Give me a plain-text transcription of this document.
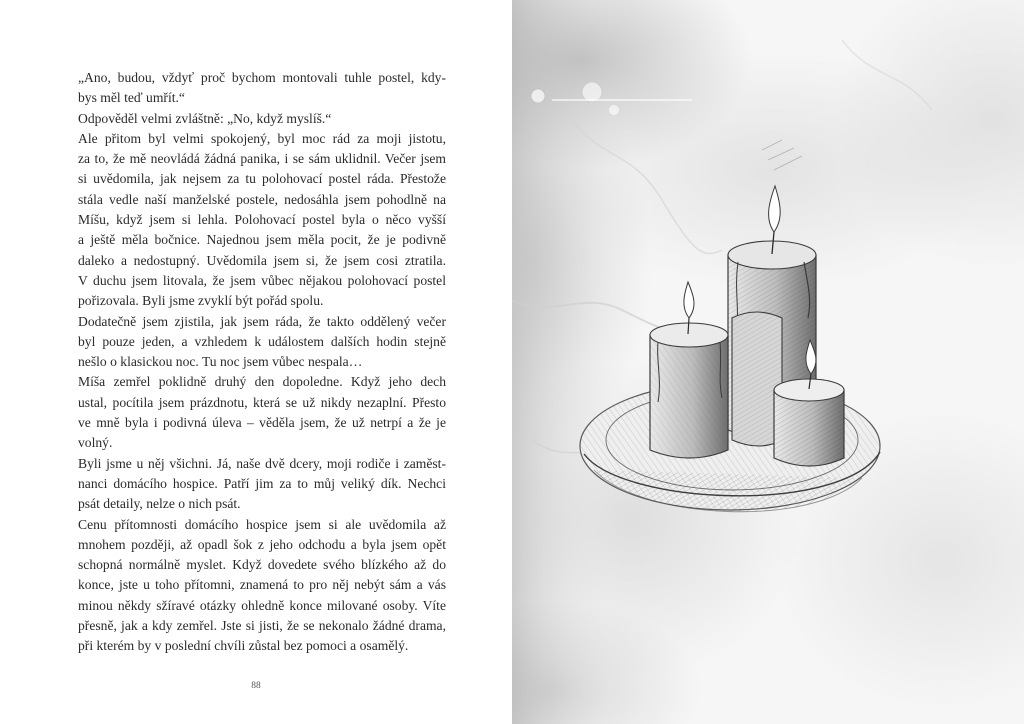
„Ano, budou, vždyť proč bychom montovali tuhle postel, kdy-
bys měl teď umřít.“

Odpověděl velmi zvláštně: „No, když myslíš.“

Ale přitom byl velmi spokojený, byl moc rád za moji jistotu,
za to, že mě neovládá žádná panika, i se sám uklidnil. Večer jsem
si uvědomila, jak nejsem za tu polohovací postel ráda. Přestože
stála vedle naší manželské postele, nedosáhla jsem pohodlně na
Míšu, když jsem si lehla. Polohovací postel byla o něco vyšší
a ještě měla bočnice. Najednou jsem měla pocit, že je podivně
daleko a nedostupný. Uvědomila jsem si, že jsem cosi ztratila.
V duchu jsem litovala, že jsem vůbec nějakou polohovací postel
pořizovala. Byli jsme zvyklí být pořád spolu.

Dodatečně jsem zjistila, jak jsem ráda, že takto oddělený večer
byl pouze jeden, a vzhledem k událostem dalších hodin stejně
nešlo o klasickou noc. Tu noc jsem vůbec nespala…

Míša zemřel poklidně druhý den dopoledne. Když jeho dech
ustal, pocítila jsem prázdnotu, která se už nikdy nezaplní. Přesto
ve mně byla i podivná úleva – věděla jsem, že už netrpí a že je
volný.

Byli jsme u něj všichni. Já, naše dvě dcery, moji rodiče i zaměst-
nanci domácího hospice. Patří jim za to můj veliký dík. Nechci
psát detaily, nelze o nich psát.

Cenu přítomnosti domácího hospice jsem si ale uvědomila až
mnohem později, až opadl šok z jeho odchodu a byla jsem opět
schopná normálně myslet. Když dovedete svého blízkého až do
konce, jste u toho přítomni, znamená to pro něj nebýt sám a vás
minou někdy sžíravé otázky ohledně konce milované osoby. Víte
přesně, jak a kdy zemřel. Jste si jisti, že se nekonalo žádné drama,
při kterém by v poslední chvíli zůstal bez pomoci a osamělý.

88
